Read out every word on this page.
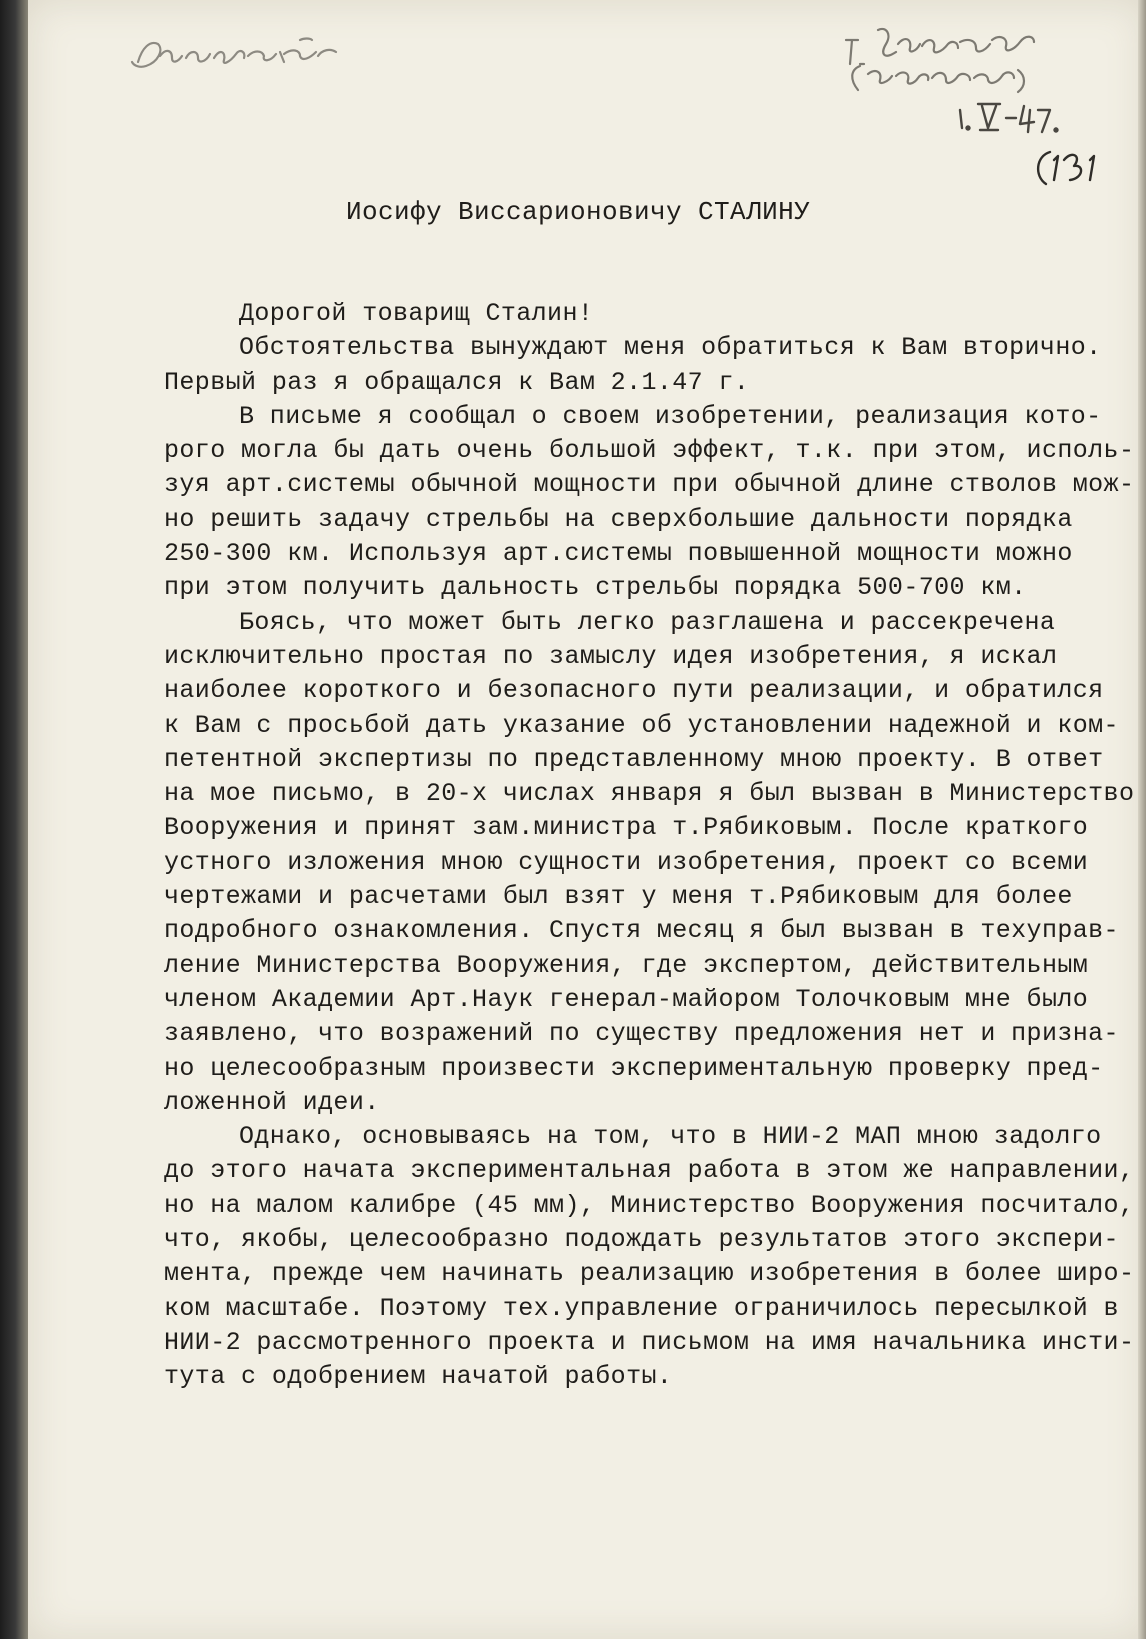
Иосифу Виссарионовичу СТАЛИНУ
Дорогой товарищ Сталин!
Обстоятельства вынуждают меня обратиться к Вам вторично.
Первый раз я обращался к Вам 2.1.47 г.
В письме я сообщал о своем изобретении, реализация кото-
рого могла бы дать очень большой эффект, т.к. при этом, исполь-
зуя арт.системы обычной мощности при обычной длине стволов мож-
но решить задачу стрельбы на сверхбольшие дальности порядка
250-300 км. Используя арт.системы повышенной мощности можно
при этом получить дальность стрельбы порядка 500-700 км.
Боясь, что может быть легко разглашена и рассекречена
исключительно простая по замыслу идея изобретения, я искал
наиболее короткого и безопасного пути реализации, и обратился
к Вам с просьбой дать указание об установлении надежной и ком-
петентной экспертизы по представленному мною проекту. В ответ
на мое письмо, в 20-х числах января я был вызван в Министерство
Вооружения и принят зам.министра т.Рябиковым. После краткого
устного изложения мною сущности изобретения, проект со всеми
чертежами и расчетами был взят у меня т.Рябиковым для более
подробного ознакомления. Спустя месяц я был вызван в техуправ-
ление Министерства Вооружения, где экспертом, действительным
членом Академии Арт.Наук генерал-майором Толочковым мне было
заявлено, что возражений по существу предложения нет и призна-
но целесообразным произвести экспериментальную проверку пред-
ложенной идеи.
Однако, основываясь на том, что в НИИ-2 МАП мною задолго
до этого начата экспериментальная работа в этом же направлении,
но на малом калибре (45 мм), Министерство Вооружения посчитало,
что, якобы, целесообразно подождать результатов этого экспери-
мента, прежде чем начинать реализацию изобретения в более широ-
ком масштабе. Поэтому тех.управление ограничилось пересылкой в
НИИ-2 рассмотренного проекта и письмом на имя начальника инсти-
тута с одобрением начатой работы.
